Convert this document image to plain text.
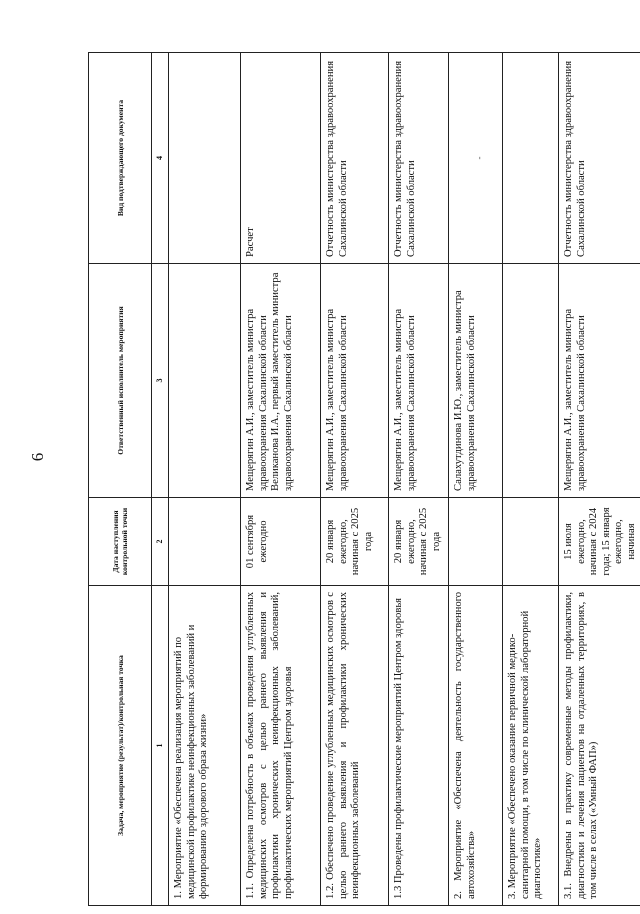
6
Задача, мероприятие (результат)/контрольная точка	Дата наступления контрольной точки	Ответственный исполнитель мероприятия	Вид подтверждающего документа
1	2	3	4
1. Мероприятие «Обеспечена реализация мероприятий по медицинской профилактике неинфекционных заболеваний и формированию здорового образа жизни»			
1.1. Определена потребность в объемах проведения углубленных медицинских осмотров с целью раннего выявления и профилактики хронических неинфекционных заболеваний, профилактических мероприятий Центром здоровья	01 сентября ежегодно	Мещерягин А.И., заместитель министра здравоохранения Сахалинской области Великанова И.А., первый заместитель министра здравоохранения Сахалинской области	Расчет
1.2. Обеспечено проведение углубленных медицинских осмотров с целью раннего выявления и профилактики хронических неинфекционных заболеваний	20 января ежегодно, начиная с 2025 года	Мещерягин А.И., заместитель министра здравоохранения Сахалинской области	Отчетность министерства здравоохранения Сахалинской области
1.3 Проведены профилактические мероприятий Центром здоровья	20 января ежегодно, начиная с 2025 года	Мещерягин А.И., заместитель министра здравоохранения Сахалинской области	Отчетность министерства здравоохранения Сахалинской области
2. Мероприятие «Обеспечена деятельность государственного автохозяйства»		Салахутдинова И.Ю., заместитель министра здравоохранения Сахалинской области	-

3. Мероприятие «Обеспечено оказание первичной медико-санитарной помощи, в том числе по клинической лабораторной диагностике»			
3.1. Внедрены в практику современные методы профилактики, диагностики и лечения пациентов на отдаленных территориях, в том числе в селах («Умный ФАП»)	15 июля ежегодно, начиная с 2024 года; 15 января ежегодно, начиная	Мещерягин А.И., заместитель министра здравоохранения Сахалинской области	Отчетность министерства здравоохранения Сахалинской области
